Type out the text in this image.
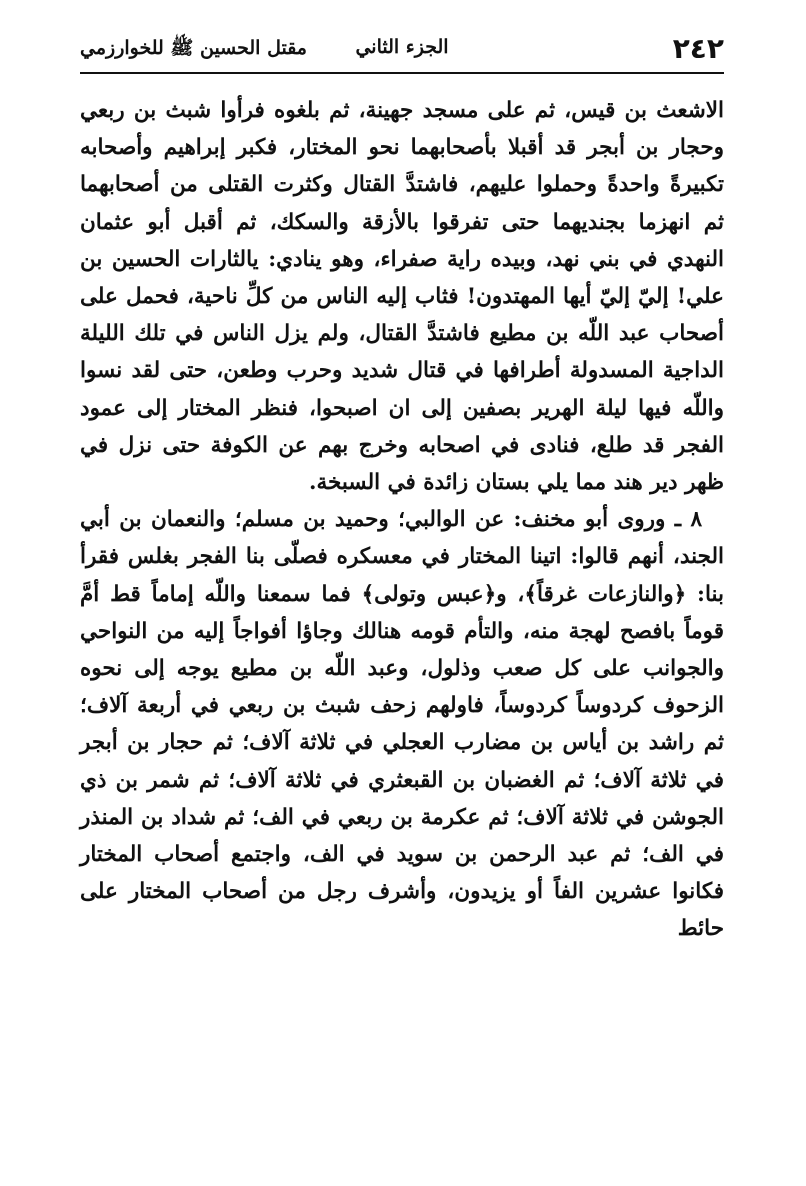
٢٤٢
الجزء الثاني
مقتل الحسين ﷺ للخوارزمي

الاشعث بن قيس، ثم على مسجد جهينة، ثم بلغوه فرأوا شبث بن ربعي وحجار بن أبجر قد أقبلا بأصحابهما نحو المختار، فكبر إبراهيم وأصحابه تكبيرةً واحدةً وحملوا عليهم، فاشتدَّ القتال وكثرت القتلى من أصحابهما ثم انهزما بجنديهما حتى تفرقوا بالأزقة والسكك، ثم أقبل أبو عثمان النهدي في بني نهد، وبيده راية صفراء، وهو ينادي: يالثارات الحسين بن علي! إليّ إليّ أيها المهتدون! فثاب إليه الناس من كلِّ ناحية، فحمل على أصحاب عبد اللّه بن مطيع فاشتدَّ القتال، ولم يزل الناس في تلك الليلة الداجية المسدولة أطرافها في قتال شديد وحرب وطعن، حتى لقد نسوا واللّه فيها ليلة الهرير بصفين إلى ان اصبحوا، فنظر المختار إلى عمود الفجر قد طلع، فنادى في اصحابه وخرج بهم عن الكوفة حتى نزل في ظهر دير هند مما يلي بستان زائدة في السبخة.

٨ ـ وروى أبو مخنف: عن الوالبي؛ وحميد بن مسلم؛ والنعمان بن أبي الجند، أنهم قالوا: اتينا المختار في معسكره فصلّى بنا الفجر بغلس فقرأ بنا: ﴿والنازعات غرقاً﴾، و﴿عبس وتولى﴾ فما سمعنا واللّه إماماً قط أمَّ قوماً بافصح لهجة منه، والتأم قومه هنالك وجاؤا أفواجاً إليه من النواحي والجوانب على كل صعب وذلول، وعبد اللّه بن مطيع يوجه إلى نحوه الزحوف كردوساً كردوساً، فاولهم زحف شبث بن ربعي في أربعة آلاف؛ ثم راشد بن أياس بن مضارب العجلي في ثلاثة آلاف؛ ثم حجار بن أبجر في ثلاثة آلاف؛ ثم الغضبان بن القبعثري في ثلاثة آلاف؛ ثم شمر بن ذي الجوشن في ثلاثة آلاف؛ ثم عكرمة بن ربعي في الف؛ ثم شداد بن المنذر في الف؛ ثم عبد الرحمن بن سويد في الف، واجتمع أصحاب المختار فكانوا عشرين الفاً أو يزيدون، وأشرف رجل من أصحاب المختار على حائط
